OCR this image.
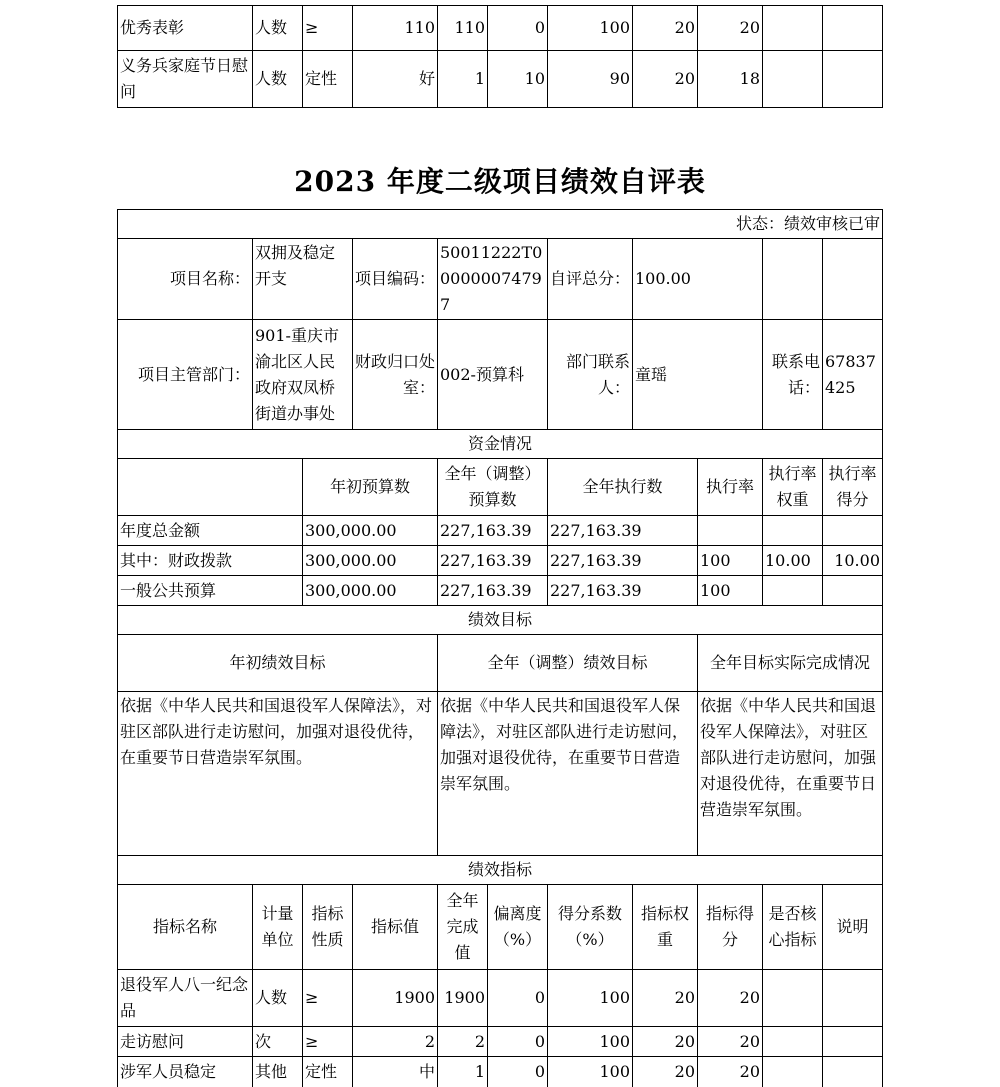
优秀表彰	人数	≥	110	110	0	100	20	20		
义务兵家庭节日慰问	人数	定性	好	1	10	90	20	18		
2023 年度二级项目绩效自评表
状态：绩效审核已审										
项目名称：	双拥及稳定开支		项目编码：	50011222T000000074797		自评总分：	100.00			
项目主管部门：	901-重庆市渝北区人民政府双凤桥街道办事处		财政归口处室：	002-预算科		部门联系人：	童瑶		联系电话：	67837425
资金情况										
		年初预算数		全年（调整）预算数		全年执行数		执行率	执行率权重	执行率得分
年度总金额		300,000.00		227,163.39		227,163.39				
其中：财政拨款		300,000.00		227,163.39		227,163.39		100	10.00	10.00
一般公共预算		300,000.00		227,163.39		227,163.39		100		
绩效目标										
年初绩效目标				全年（调整）绩效目标				全年目标实际完成情况		
依据《中华人民共和国退役军人保障法》，对驻区部队进行走访慰问，加强对退役优待，在重要节日营造崇军氛围。				依据《中华人民共和国退役军人保障法》，对驻区部队进行走访慰问，加强对退役优待，在重要节日营造崇军氛围。				依据《中华人民共和国退役军人保障法》，对驻区部队进行走访慰问，加强对退役优待，在重要节日营造崇军氛围。		
绩效指标										
指标名称	计量单位	指标性质	指标值	全年完成值	偏离度（%）	得分系数（%）	指标权重	指标得分	是否核心指标	说明
退役军人八一纪念品	人数	≥	1900	1900	0	100	20	20		
走访慰问	次	≥	2	2	0	100	20	20		
涉军人员稳定	其他	定性	中	1	0	100	20	20		
